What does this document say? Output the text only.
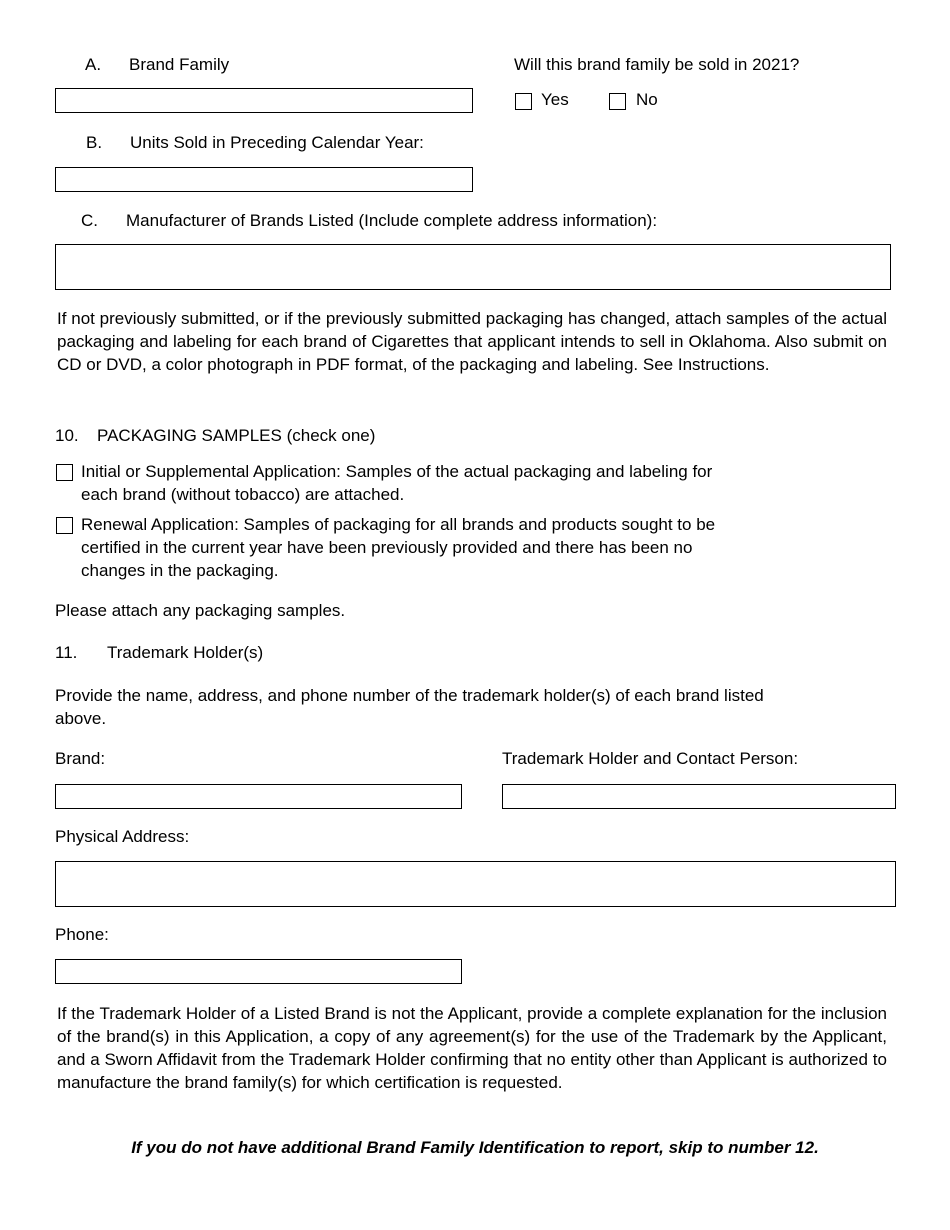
A. Brand Family	Will this brand family be sold in 2021?
Yes	No
B. Units Sold in Preceding Calendar Year:
C. Manufacturer of Brands Listed (Include complete address information):
If not previously submitted, or if the previously submitted packaging has changed, attach samples of the actual packaging and labeling for each brand of Cigarettes that applicant intends to sell in Oklahoma. Also submit on CD or DVD, a color photograph in PDF format, of the packaging and labeling. See Instructions.
10. PACKAGING SAMPLES (check one)
Initial or Supplemental Application: Samples of the actual packaging and labeling for
each brand (without tobacco) are attached.
Renewal Application: Samples of packaging for all brands and products sought to be
certified in the current year have been previously provided and there has been no
changes in the packaging.
Please attach any packaging samples.
11. Trademark Holder(s)
Provide the name, address, and phone number of the trademark holder(s) of each brand listed
above.
Brand:	Trademark Holder and Contact Person:
Physical Address:
Phone:
If the Trademark Holder of a Listed Brand is not the Applicant, provide a complete explanation for the inclusion of the brand(s) in this Application, a copy of any agreement(s) for the use of the Trademark by the Applicant, and a Sworn Affidavit from the Trademark Holder confirming that no entity other than Applicant is authorized to manufacture the brand family(s) for which certification is requested.
If you do not have additional Brand Family Identification to report, skip to number 12.
